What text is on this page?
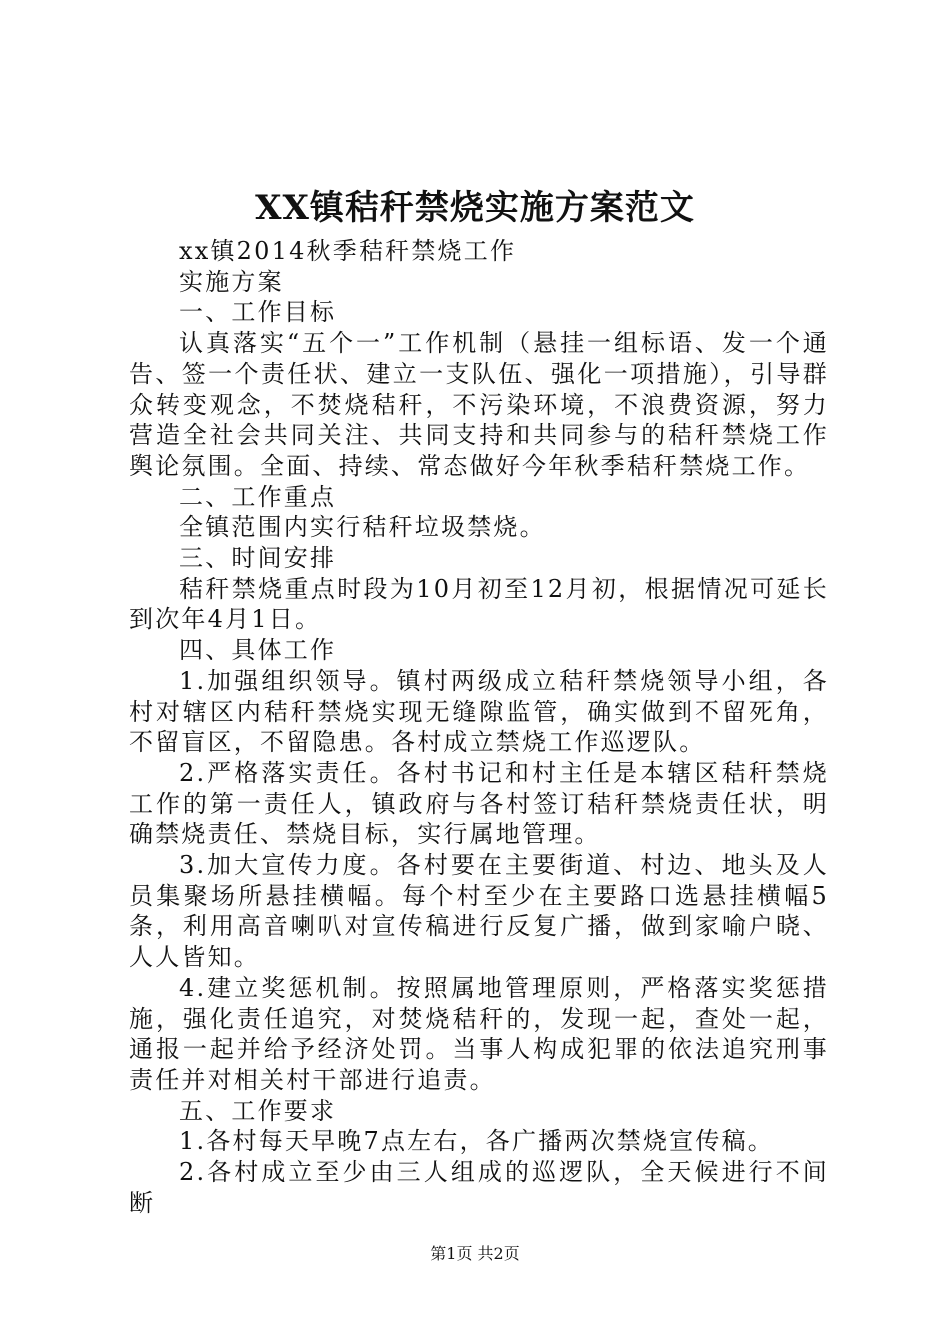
XX镇秸秆禁烧实施方案范文

xx镇2014秋季秸秆禁烧工作

实施方案

一、工作目标

认真落实“五个一”工作机制（悬挂一组标语、发一个通告、签一个责任状、建立一支队伍、强化一项措施），引导群众转变观念，不焚烧秸秆，不污染环境，不浪费资源，努力营造全社会共同关注、共同支持和共同参与的秸秆禁烧工作舆论氛围。全面、持续、常态做好今年秋季秸秆禁烧工作。

二、工作重点

全镇范围内实行秸秆垃圾禁烧。

三、时间安排

秸秆禁烧重点时段为10月初至12月初，根据情况可延长到次年4月1日。

四、具体工作

1.加强组织领导。镇村两级成立秸秆禁烧领导小组，各村对辖区内秸秆禁烧实现无缝隙监管，确实做到不留死角，不留盲区，不留隐患。各村成立禁烧工作巡逻队。

2.严格落实责任。各村书记和村主任是本辖区秸秆禁烧工作的第一责任人，镇政府与各村签订秸秆禁烧责任状，明确禁烧责任、禁烧目标，实行属地管理。

3.加大宣传力度。各村要在主要街道、村边、地头及人员集聚场所悬挂横幅。每个村至少在主要路口选悬挂横幅5条，利用高音喇叭对宣传稿进行反复广播，做到家喻户晓、人人皆知。

4.建立奖惩机制。按照属地管理原则，严格落实奖惩措施，强化责任追究，对焚烧秸秆的，发现一起，查处一起，通报一起并给予经济处罚。当事人构成犯罪的依法追究刑事责任并对相关村干部进行追责。

五、工作要求

1.各村每天早晚7点左右，各广播两次禁烧宣传稿。

2.各村成立至少由三人组成的巡逻队，全天候进行不间断

第1页 共2页
